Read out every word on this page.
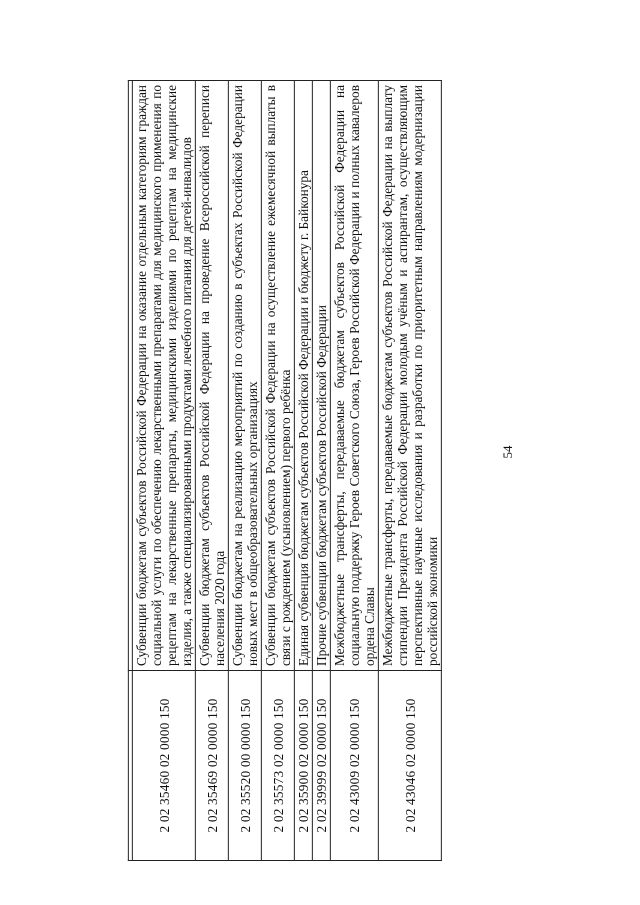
54

2 02 35460 02 0000 150	Субвенции бюджетам субъектов Российской Федерации на оказание отдельным категориям граждан социальной услуги по обеспечению лекарственными препаратами для медицинского применения по рецептам на лекарственные препараты, медицинскими изделиями по рецептам на медицинские изделия, а также специализированными продуктами лечебного питания для детей-инвалидов
2 02 35469 02 0000 150	Субвенции бюджетам субъектов Российской Федерации на проведение Всероссийской переписи населения 2020 года
2 02 35520 00 0000 150	Субвенции бюджетам на реализацию мероприятий по созданию в субъектах Российской Федерации новых мест в общеобразовательных организациях
2 02 35573 02 0000 150	Субвенции бюджетам субъектов Российской Федерации на осуществление ежемесячной выплаты в связи с рождением (усыновлением) первого ребёнка
2 02 35900 02 0000 150	Единая субвенция бюджетам субъектов Российской Федерации и бюджету г. Байконура
2 02 39999 02 0000 150	Прочие субвенции бюджетам субъектов Российской Федерации
2 02 43009 02 0000 150	Межбюджетные трансферты, передаваемые бюджетам субъектов Российской Федерации на социальную поддержку Героев Советского Союза, Героев Российской Федерации и полных кавалеров ордена Славы
2 02 43046 02 0000 150	Межбюджетные трансферты, передаваемые бюджетам субъектов Российской Федерации на выплату стипендии Президента Российской Федерации молодым учёным и аспирантам, осуществляющим перспективные научные исследования и разработки по приоритетным направлениям модернизации российской экономики
